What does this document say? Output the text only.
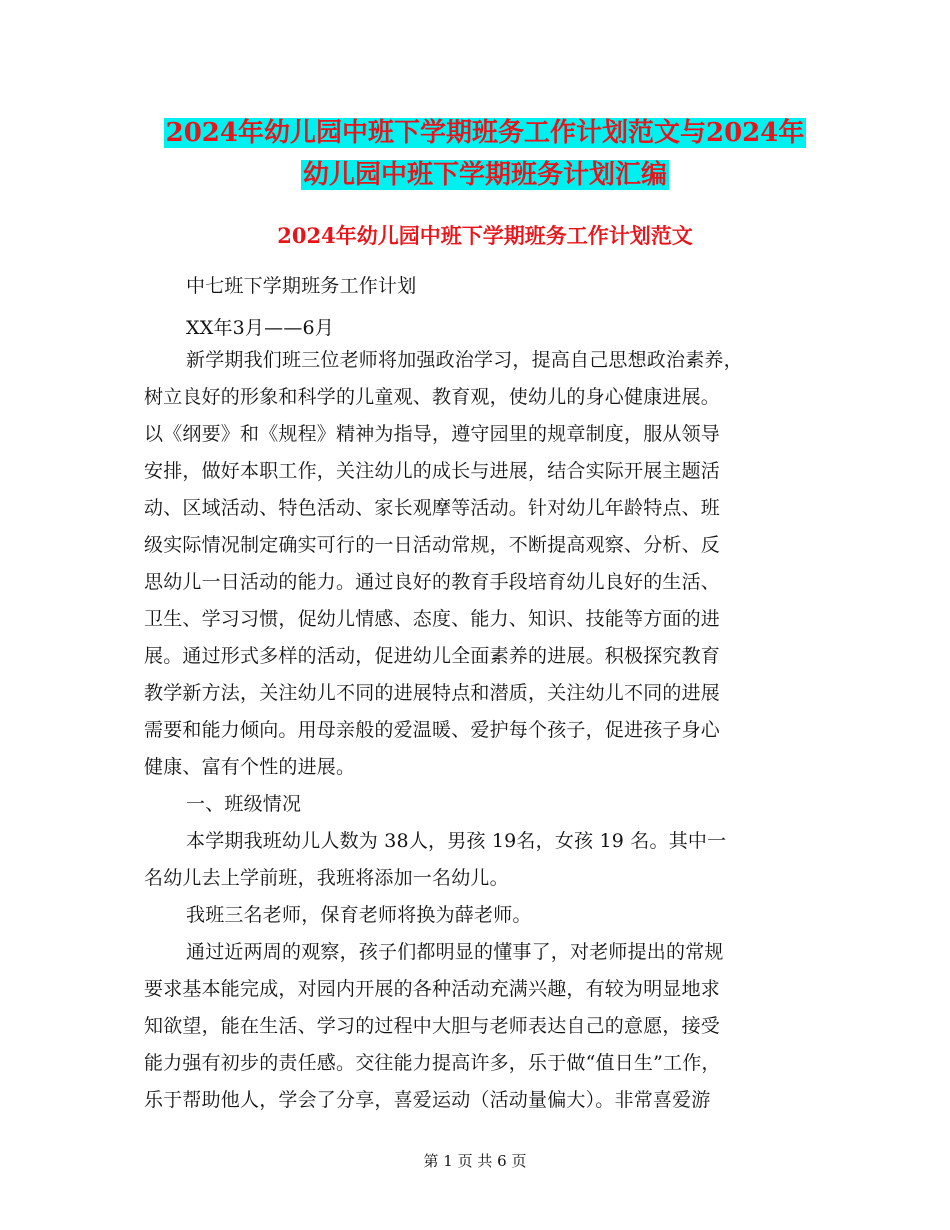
2024年幼儿园中班下学期班务工作计划范文与2024年
幼儿园中班下学期班务计划汇编
2024年幼儿园中班下学期班务工作计划范文
中七班下学期班务工作计划
XX年3月——6月
新学期我们班三位老师将加强政治学习，提高自己思想政治素养，
树立良好的形象和科学的儿童观、教育观，使幼儿的身心健康进展。
以《纲要》和《规程》精神为指导，遵守园里的规章制度，服从领导
安排，做好本职工作，关注幼儿的成长与进展，结合实际开展主题活
动、区域活动、特色活动、家长观摩等活动。针对幼儿年龄特点、班
级实际情况制定确实可行的一日活动常规，不断提高观察、分析、反
思幼儿一日活动的能力。通过良好的教育手段培育幼儿良好的生活、
卫生、学习习惯，促幼儿情感、态度、能力、知识、技能等方面的进
展。通过形式多样的活动，促进幼儿全面素养的进展。积极探究教育
教学新方法，关注幼儿不同的进展特点和潜质，关注幼儿不同的进展
需要和能力倾向。用母亲般的爱温暖、爱护每个孩子，促进孩子身心
健康、富有个性的进展。
一、班级情况
本学期我班幼儿人数为 38人，男孩 19名，女孩 19 名。其中一
名幼儿去上学前班，我班将添加一名幼儿。
我班三名老师，保育老师将换为薛老师。
通过近两周的观察，孩子们都明显的懂事了，对老师提出的常规
要求基本能完成，对园内开展的各种活动充满兴趣，有较为明显地求
知欲望，能在生活、学习的过程中大胆与老师表达自己的意愿，接受
能力强有初步的责任感。交往能力提高许多，乐于做“值日生”工作，
乐于帮助他人，学会了分享，喜爱运动（活动量偏大）。非常喜爱游
第 1 页 共 6 页
